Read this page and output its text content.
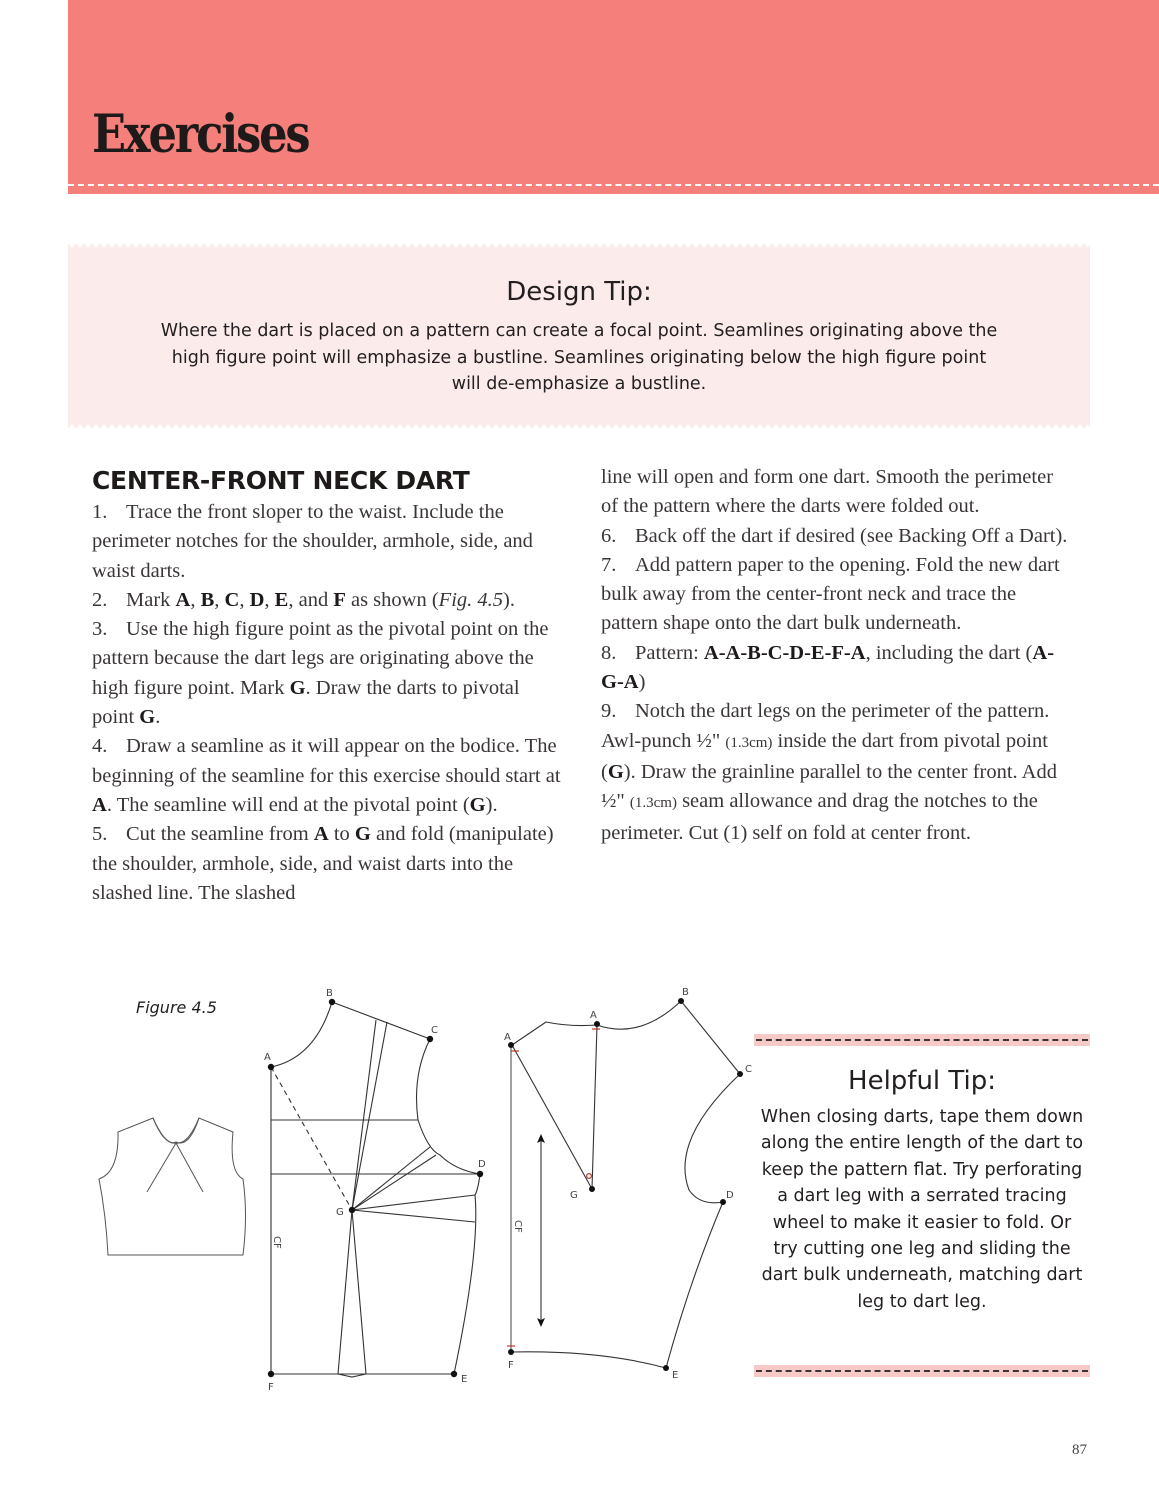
Exercises
Design Tip:

Where the dart is placed on a pattern can create a focal point. Seamlines originating above the high figure point will emphasize a bustline. Seamlines originating below the high figure point will de-emphasize a bustline.

CENTER-FRONT NECK DART

1. Trace the front sloper to the waist. Include the perimeter notches for the shoulder, armhole, side, and waist darts.

2. Mark A, B, C, D, E, and F as shown (Fig. 4.5).

3. Use the high figure point as the pivotal point on the pattern because the dart legs are originating above the high figure point. Mark G. Draw the darts to pivotal point G.

4. Draw a seamline as it will appear on the bodice. The beginning of the seamline for this exercise should start at A. The seamline will end at the pivotal point (G).

5. Cut the seamline from A to G and fold (manipulate) the shoulder, armhole, side, and waist darts into the slashed line. The slashed

line will open and form one dart. Smooth the perimeter of the pattern where the darts were folded out.

6. Back off the dart if desired (see Backing Off a Dart).

7. Add pattern paper to the opening. Fold the new dart bulk away from the center-front neck and trace the pattern shape onto the dart bulk underneath.

8. Pattern: A-A-B-C-D-E-F-A, including the dart (A-G-A)

9. Notch the dart legs on the perimeter of the pattern. Awl-punch ½" (1.3cm) inside the dart from pivotal point (G). Draw the grainline parallel to the center front. Add ½" (1.3cm) seam allowance and drag the notches to the perimeter. Cut (1) self on fold at center front.

Figure 4.5
A
B
C
D
E
F
G
CF
A
A
B
C
D
E
F
G
CF
Helpful Tip:

When closing darts, tape them down along the entire length of the dart to keep the pattern flat. Try perforating a dart leg with a serrated tracing wheel to make it easier to fold. Or try cutting one leg and sliding the dart bulk underneath, matching dart leg to dart leg.

87
